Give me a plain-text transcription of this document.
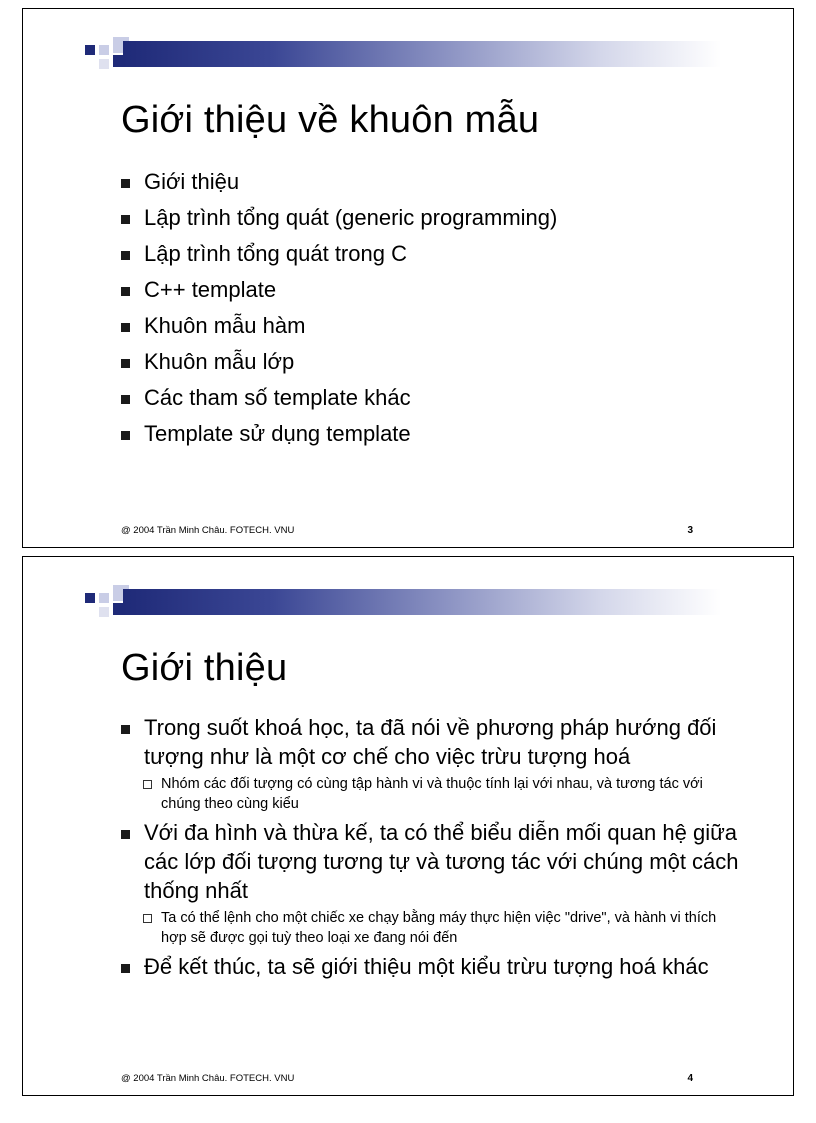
Giới thiệu về khuôn mẫu
Giới thiệu
Lập trình tổng quát (generic programming)
Lập trình tổng quát trong C
C++ template
Khuôn mẫu hàm
Khuôn mẫu lớp
Các tham số template khác
Template sử dụng template
@ 2004 Trần Minh Châu. FOTECH. VNU	3
Giới thiệu
Trong suốt khoá học, ta đã nói về phương pháp hướng đối tượng như là một cơ chế cho việc trừu tượng hoá
Nhóm các đối tượng có cùng tập hành vi và thuộc tính lại với nhau, và tương tác với chúng theo cùng kiểu
Với đa hình và thừa kế, ta có thể biểu diễn mối quan hệ giữa các lớp đối tượng tương tự và tương tác với chúng một cách thống nhất
Ta có thể lệnh cho một chiếc xe chạy bằng máy thực hiện việc "drive", và hành vi thích hợp sẽ được gọi tuỳ theo loại xe đang nói đến
Để kết thúc, ta sẽ giới thiệu một kiểu trừu tượng hoá khác
@ 2004 Trần Minh Châu. FOTECH. VNU	4
